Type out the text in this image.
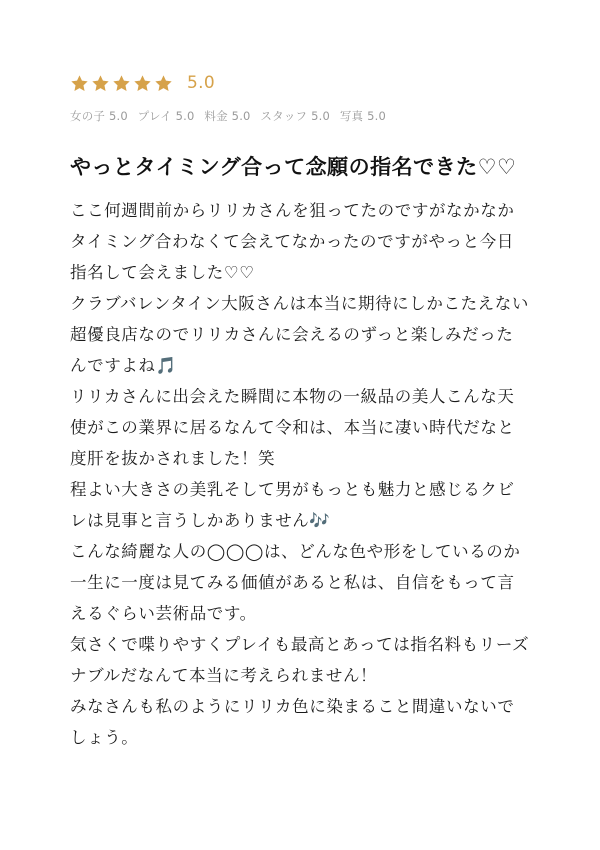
5.0
女の子 5.0 プレイ 5.0 料金 5.0 スタッフ 5.0 写真 5.0
やっとタイミング合って念願の指名できた♡♡
ここ何週間前からリリカさんを狙ってたのですがなかなかタイミング合わなくて会えてなかったのですがやっと今日指名して会えました♡♡
クラブバレンタイン大阪さんは本当に期待にしかこたえない超優良店なのでリリカさんに会えるのずっと楽しみだったんですよね🎵
リリカさんに出会えた瞬間に本物の一級品の美人こんな天使がこの業界に居るなんて令和は、本当に凄い時代だなと度肝を抜かされました！笑
程よい大きさの美乳そして男がもっとも魅力と感じるクビレは見事と言うしかありません🎶
こんな綺麗な人の◯◯◯は、どんな色や形をしているのか一生に一度は見てみる価値があると私は、自信をもって言えるぐらい芸術品です。
気さくで喋りやすくプレイも最高とあっては指名料もリーズナブルだなんて本当に考えられません！
みなさんも私のようにリリカ色に染まること間違いないでしょう。
